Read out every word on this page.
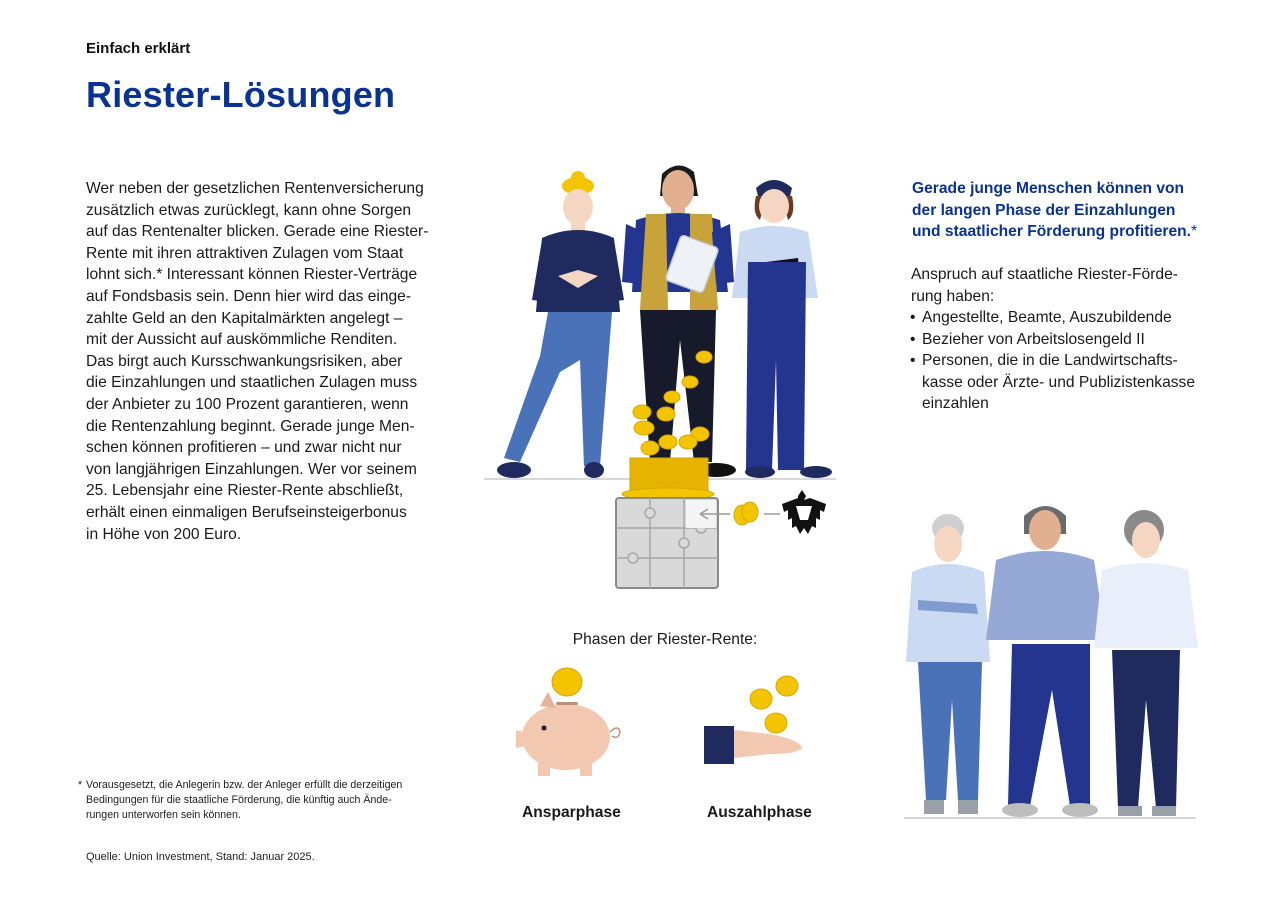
Einfach erklärt
Riester-Lösungen
Wer neben der gesetzlichen Rentenversicherung
zusätzlich etwas zurücklegt, kann ohne Sorgen
auf das Rentenalter blicken. Gerade eine Riester-
Rente mit ihren attraktiven Zulagen vom Staat
lohnt sich.* Interessant können Riester-Verträge
auf Fondsbasis sein. Denn hier wird das einge-
zahlte Geld an den Kapitalmärkten angelegt –
mit der Aussicht auf auskömmliche Renditen.
Das birgt auch Kursschwankungsrisiken, aber
die Einzahlungen und staatlichen Zulagen muss
der Anbieter zu 100 Prozent garantieren, wenn
die Rentenzahlung beginnt. Gerade junge Men-
schen können profitieren – und zwar nicht nur
von langjährigen Einzahlungen. Wer vor seinem
25. Lebensjahr eine Riester-Rente abschließt,
erhält einen einmaligen Berufseinsteigerbonus
in Höhe von 200 Euro.
* Vorausgesetzt, die Anlegerin bzw. der Anleger erfüllt die derzeitigen
Bedingungen für die staatliche Förderung, die künftig auch Ände-
rungen unterworfen sein können.
Quelle: Union Investment, Stand: Januar 2025.
Phasen der Riester-Rente:
Ansparphase	Auszahlphase
Gerade junge Menschen können von
der langen Phase der Einzahlungen
und staatlicher Förderung profitieren.*
Anspruch auf staatliche Riester-Förde-
rung haben:
• Angestellte, Beamte, Auszubildende
• Bezieher von Arbeitslosengeld II
• Personen, die in die Landwirtschafts-
kasse oder Ärzte- und Publizistenkasse
einzahlen
